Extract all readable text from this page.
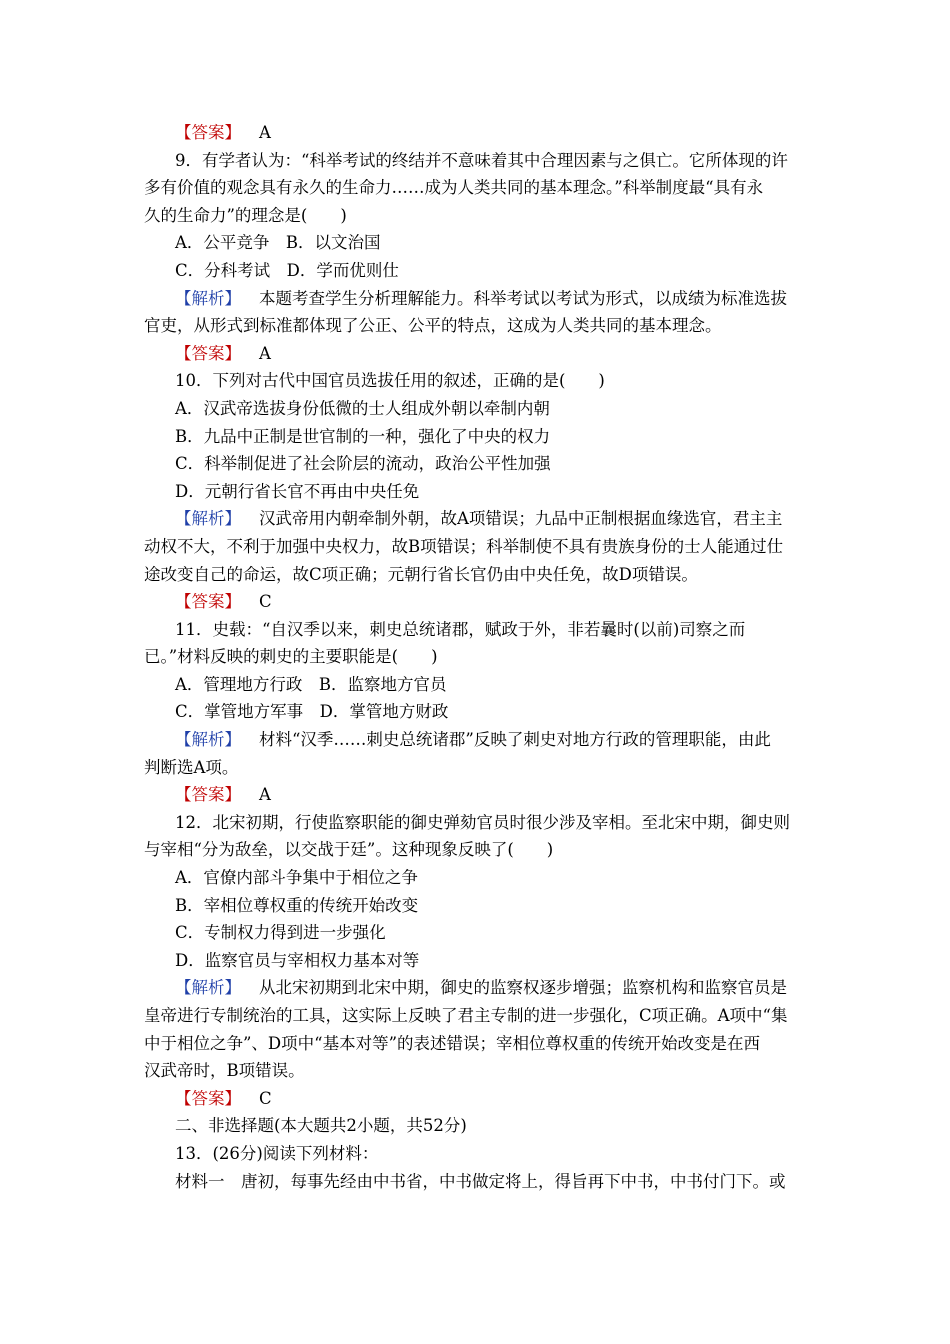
【答案】 A
9．有学者认为：“科举考试的终结并不意味着其中合理因素与之俱亡。它所体现的许
多有价值的观念具有永久的生命力……成为人类共同的基本理念。”科举制度最“具有永
久的生命力”的理念是(　　)
A．公平竞争　B．以文治国
C．分科考试　D．学而优则仕
【解析】 本题考查学生分析理解能力。科举考试以考试为形式，以成绩为标准选拔
官吏，从形式到标准都体现了公正、公平的特点，这成为人类共同的基本理念。
【答案】 A
10．下列对古代中国官员选拔任用的叙述，正确的是(　　)
A．汉武帝选拔身份低微的士人组成外朝以牵制内朝
B．九品中正制是世官制的一种，强化了中央的权力
C．科举制促进了社会阶层的流动，政治公平性加强
D．元朝行省长官不再由中央任免
【解析】 汉武帝用内朝牵制外朝，故A项错误；九品中正制根据血缘选官，君主主
动权不大，不利于加强中央权力，故B项错误；科举制使不具有贵族身份的士人能通过仕
途改变自己的命运，故C项正确；元朝行省长官仍由中央任免，故D项错误。
【答案】 C
11．史载：“自汉季以来，刺史总统诸郡，赋政于外，非若曩时(以前)司察之而
已。”材料反映的刺史的主要职能是(　　)
A．管理地方行政　B．监察地方官员
C．掌管地方军事　D．掌管地方财政
【解析】 材料“汉季……刺史总统诸郡”反映了刺史对地方行政的管理职能，由此
判断选A项。
【答案】 A
12．北宋初期，行使监察职能的御史弹劾官员时很少涉及宰相。至北宋中期，御史则
与宰相“分为敌垒，以交战于廷”。这种现象反映了(　　)
A．官僚内部斗争集中于相位之争
B．宰相位尊权重的传统开始改变
C．专制权力得到进一步强化
D．监察官员与宰相权力基本对等
【解析】 从北宋初期到北宋中期，御史的监察权逐步增强；监察机构和监察官员是
皇帝进行专制统治的工具，这实际上反映了君主专制的进一步强化，C项正确。A项中“集
中于相位之争”、D项中“基本对等”的表述错误；宰相位尊权重的传统开始改变是在西
汉武帝时，B项错误。
【答案】 C
二、非选择题(本大题共2小题，共52分)
13．(26分)阅读下列材料：
材料一　唐初，每事先经由中书省，中书做定将上，得旨再下中书，中书付门下。或
